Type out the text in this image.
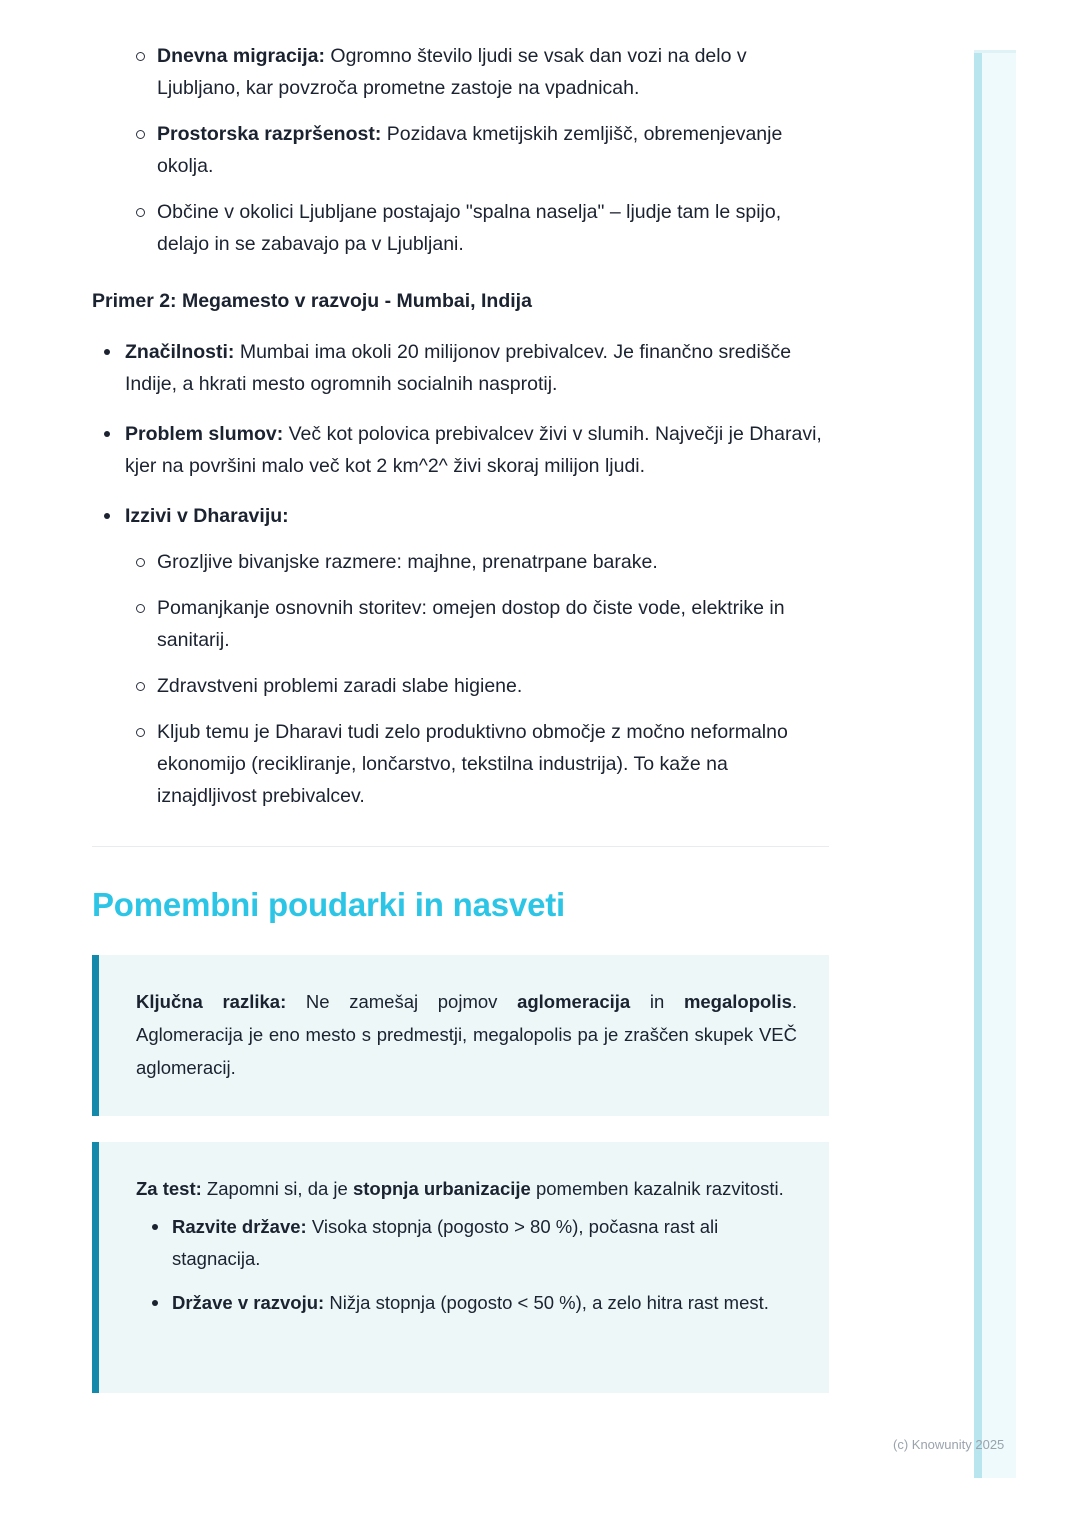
Dnevna migracija: Ogromno število ljudi se vsak dan vozi na delo v Ljubljano, kar povzroča prometne zastoje na vpadnicah.
Prostorska razpršenost: Pozidava kmetijskih zemljišč, obremenjevanje okolja.
Občine v okolici Ljubljane postajajo "spalna naselja" – ljudje tam le spijo, delajo in se zabavajo pa v Ljubljani.
Primer 2: Megamesto v razvoju - Mumbai, Indija
Značilnosti: Mumbai ima okoli 20 milijonov prebivalcev. Je finančno središče Indije, a hkrati mesto ogromnih socialnih nasprotij.
Problem slumov: Več kot polovica prebivalcev živi v slumih. Največji je Dharavi, kjer na površini malo več kot 2 km^2^ živi skoraj milijon ljudi.
Izzivi v Dharaviju:
Grozljive bivanjske razmere: majhne, prenatrpane barake.
Pomanjkanje osnovnih storitev: omejen dostop do čiste vode, elektrike in sanitarij.
Zdravstveni problemi zaradi slabe higiene.
Kljub temu je Dharavi tudi zelo produktivno območje z močno neformalno ekonomijo (recikliranje, lončarstvo, tekstilna industrija). To kaže na iznajdljivost prebivalcev.
Pomembni poudarki in nasveti

Ključna razlika: Ne zamešaj pojmov aglomeracija in megalopolis. Aglomeracija je eno mesto s predmestji, megalopolis pa je zraščen skupek VEČ aglomeracij.

Za test: Zapomni si, da je stopnja urbanizacije pomemben kazalnik razvitosti.

Razvite države: Visoka stopnja (pogosto > 80 %), počasna rast ali stagnacija.
Države v razvoju: Nižja stopnja (pogosto < 50 %), a zelo hitra rast mest.
(c) Knowunity 2025
